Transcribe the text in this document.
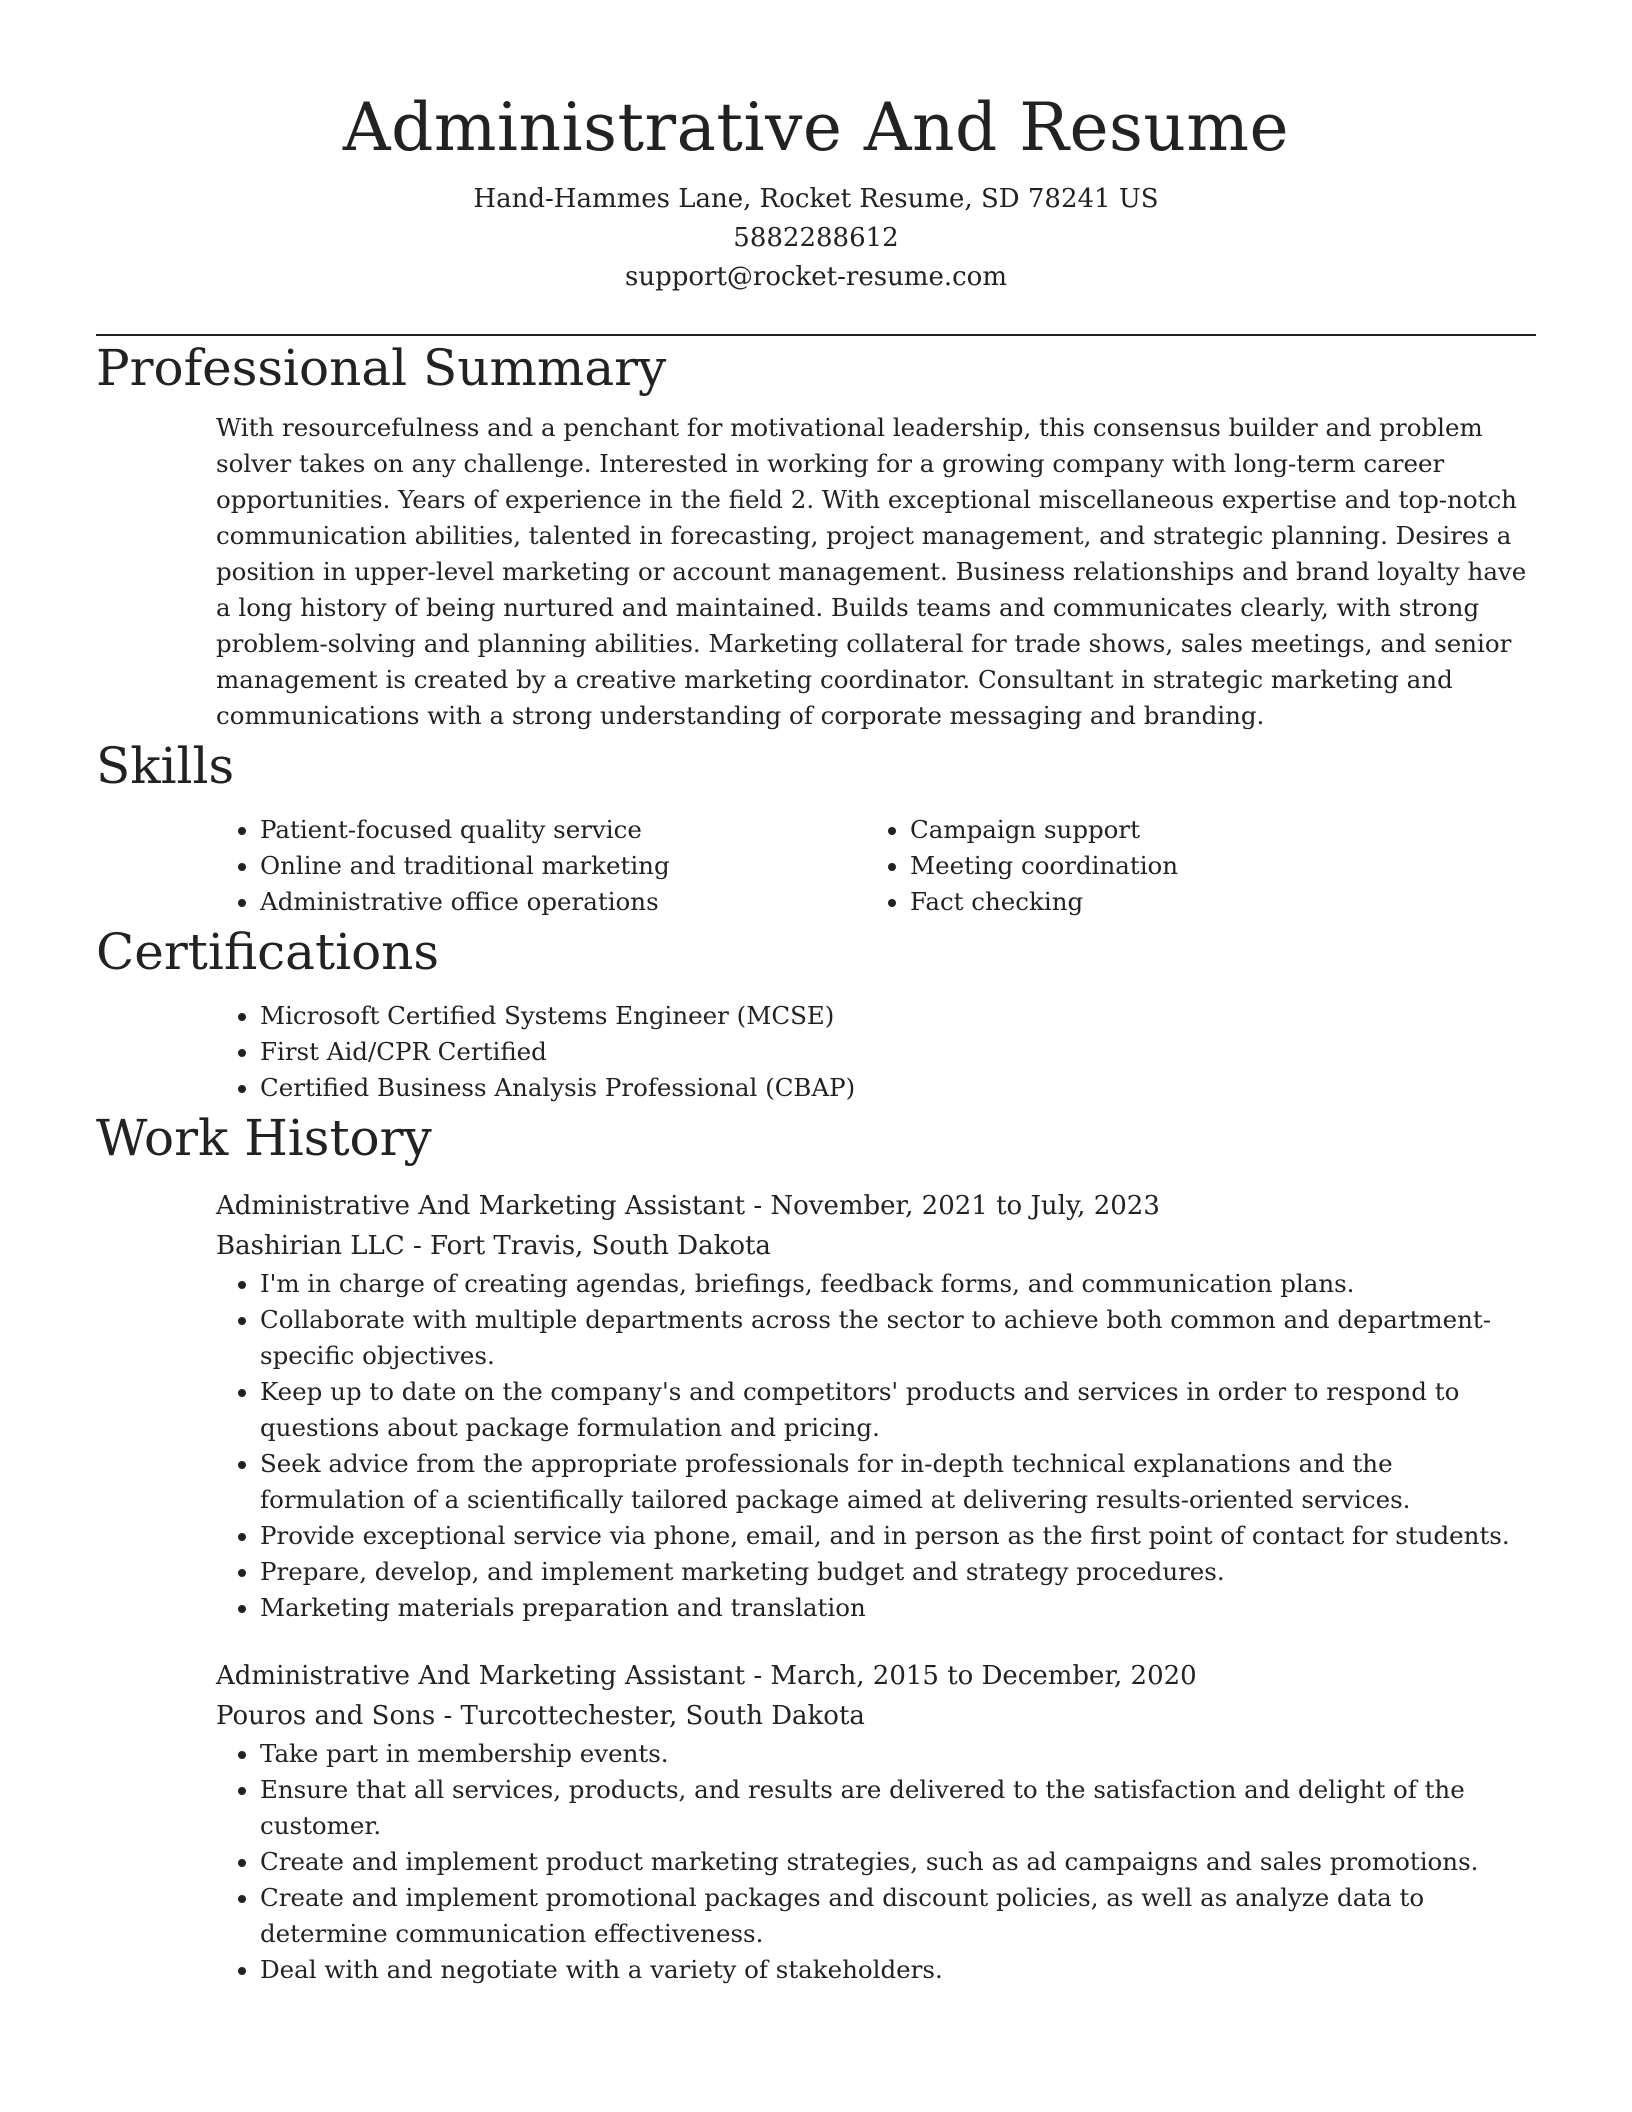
Administrative And Resume
Hand-Hammes Lane, Rocket Resume, SD 78241 US
5882288612
support@rocket-resume.com
Professional Summary
With resourcefulness and a penchant for motivational leadership, this consensus builder and problem solver takes on any challenge. Interested in working for a growing company with long-term career opportunities. Years of experience in the field 2. With exceptional miscellaneous expertise and top-notch communication abilities, talented in forecasting, project management, and strategic planning. Desires a position in upper-level marketing or account management. Business relationships and brand loyalty have a long history of being nurtured and maintained. Builds teams and communicates clearly, with strong problem-solving and planning abilities. Marketing collateral for trade shows, sales meetings, and senior management is created by a creative marketing coordinator. Consultant in strategic marketing and communications with a strong understanding of corporate messaging and branding.
Skills
• Patient-focused quality service
• Online and traditional marketing
• Administrative office operations
• Campaign support
• Meeting coordination
• Fact checking
Certifications
• Microsoft Certified Systems Engineer (MCSE)
• First Aid/CPR Certified
• Certified Business Analysis Professional (CBAP)
Work History
Administrative And Marketing Assistant - November, 2021 to July, 2023
Bashirian LLC - Fort Travis, South Dakota
• I'm in charge of creating agendas, briefings, feedback forms, and communication plans.
• Collaborate with multiple departments across the sector to achieve both common and department-specific objectives.
• Keep up to date on the company's and competitors' products and services in order to respond to questions about package formulation and pricing.
• Seek advice from the appropriate professionals for in-depth technical explanations and the formulation of a scientifically tailored package aimed at delivering results-oriented services.
• Provide exceptional service via phone, email, and in person as the first point of contact for students.
• Prepare, develop, and implement marketing budget and strategy procedures.
• Marketing materials preparation and translation
Administrative And Marketing Assistant - March, 2015 to December, 2020
Pouros and Sons - Turcottechester, South Dakota
• Take part in membership events.
• Ensure that all services, products, and results are delivered to the satisfaction and delight of the customer.
• Create and implement product marketing strategies, such as ad campaigns and sales promotions.
• Create and implement promotional packages and discount policies, as well as analyze data to determine communication effectiveness.
• Deal with and negotiate with a variety of stakeholders.
